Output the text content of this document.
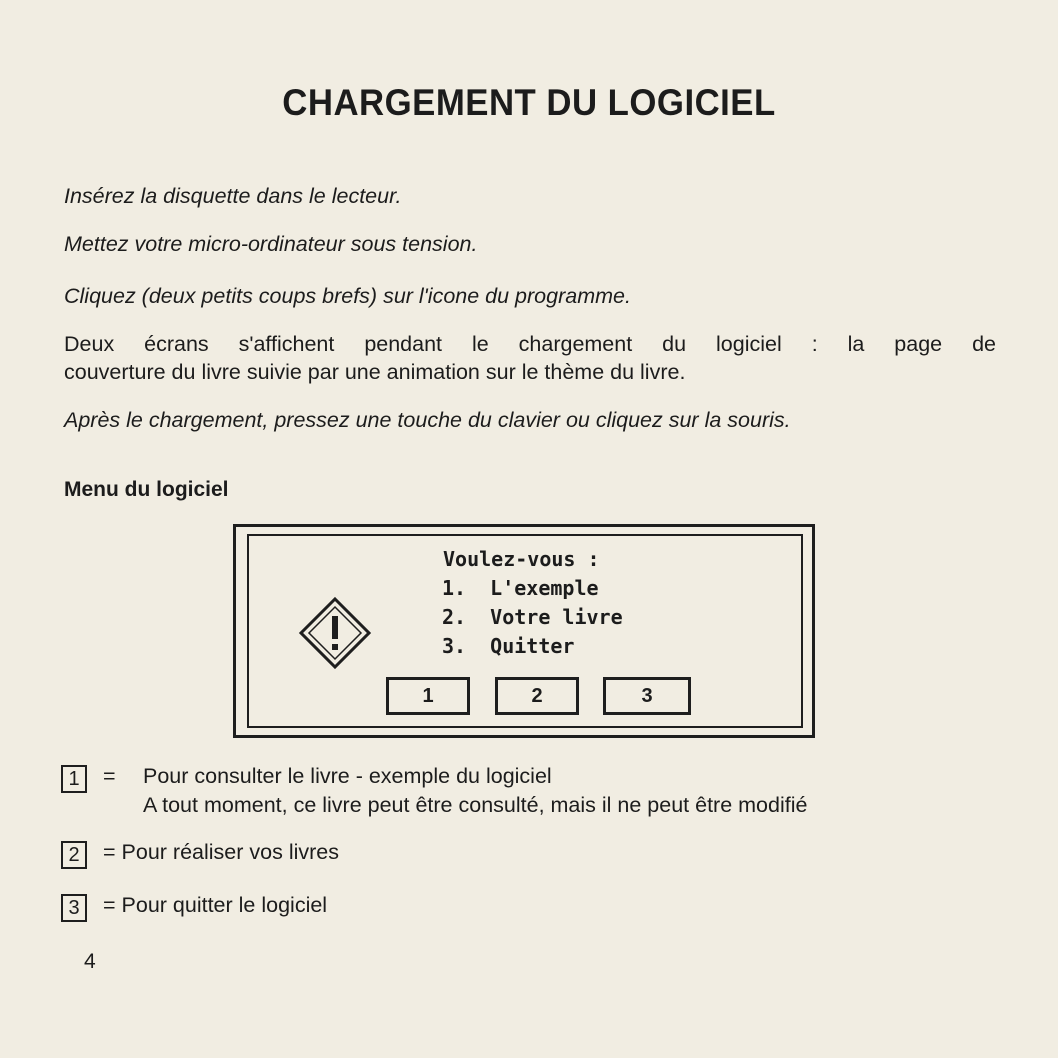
CHARGEMENT DU LOGICIEL
Insérez la disquette dans le lecteur.
Mettez votre micro-ordinateur sous tension.
Cliquez (deux petits coups brefs) sur l'icone du programme.
Deux écrans s'affichent pendant le chargement du logiciel : la page de
couverture du livre suivie par une animation sur le thème du livre.
Après le chargement, pressez une touche du clavier ou cliquez sur la souris.
Menu du logiciel
Voulez-vous :
1.  L'exemple
2.  Votre livre
3.  Quitter
1	2	3
1	= Pour consulter le livre - exemple du logiciel
A tout moment, ce livre peut être consulté, mais il ne peut être modifié
2	= Pour réaliser vos livres
3	= Pour quitter le logiciel
4
